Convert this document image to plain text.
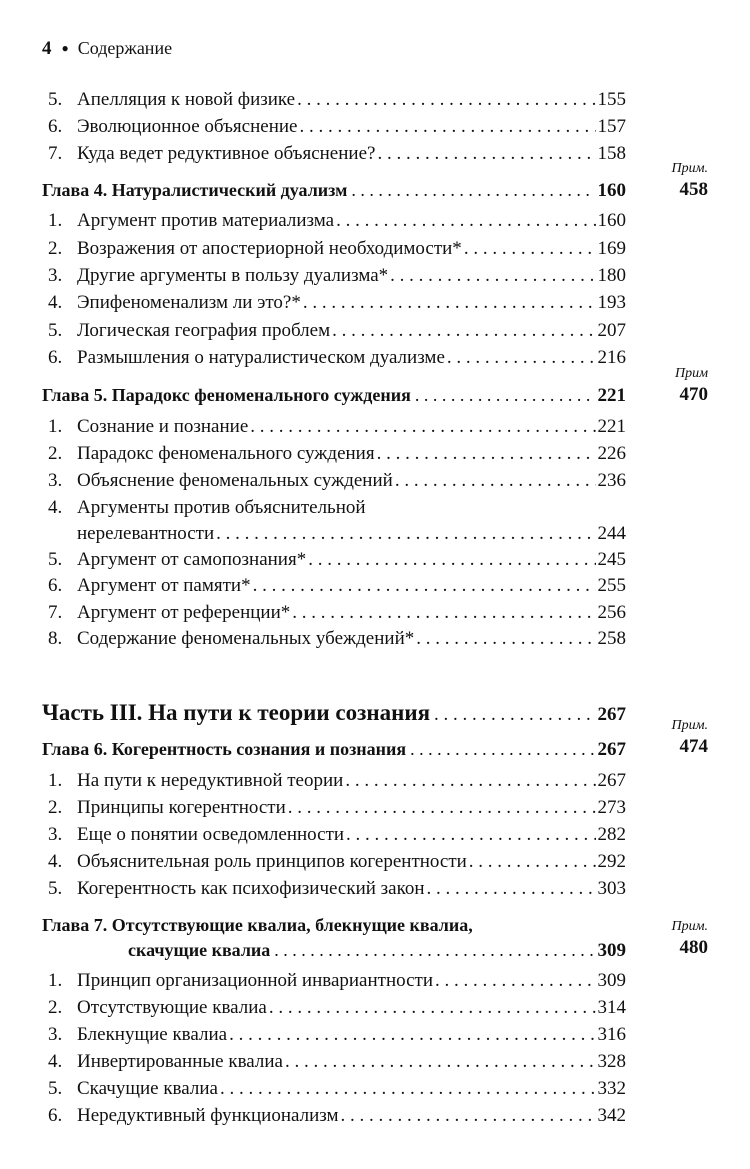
4 ● Содержание
5. Апелляция к новой физике . . .	155
6. Эволюционное объяснение . . .	157
7. Куда ведет редуктивное объяснение? . . .	158
Прим.
458
Глава 4. Натуралистический дуализм . . .	160
1. Аргумент против материализма . . .	160
2. Возражения от апостериорной необходимости* . . .	169
3. Другие аргументы в пользу дуализма* . . .	180
4. Эпифеноменализм ли это?* . . .	193
5. Логическая география проблем . . .	207
6. Размышления о натуралистическом дуализме . . .	216
Прим
470
Глава 5. Парадокс феноменального суждения . . .	221
1. Сознание и познание . . .	221
2. Парадокс феноменального суждения . . .	226
3. Объяснение феноменальных суждений . . .	236
4. Аргументы против объяснительной
нерелевантности . . .	244
5. Аргумент от самопознания* . . .	245
6. Аргумент от памяти* . . .	255
7. Аргумент от референции* . . .	256
8. Содержание феноменальных убеждений* . . .	258
Часть III. На пути к теории сознания . . .	267
Прим.
474
Глава 6. Когерентность сознания и познания . . .	267
1. На пути к нередуктивной теории . . .	267
2. Принципы когерентности . . .	273
3. Еще о понятии осведомленности . . .	282
4. Объяснительная роль принципов когерентности . . .	292
5. Когерентность как психофизический закон . . .	303
Прим.
480
Глава 7. Отсутствующие квалиа, блекнущие квалиа,
скачущие квалиа . . .	309
1. Принцип организационной инвариантности . . .	309
2. Отсутствующие квалиа . . .	314
3. Блекнущие квалиа . . .	316
4. Инвертированные квалиа . . .	328
5. Скачущие квалиа . . .	332
6. Нередуктивный функционализм . . .	342
